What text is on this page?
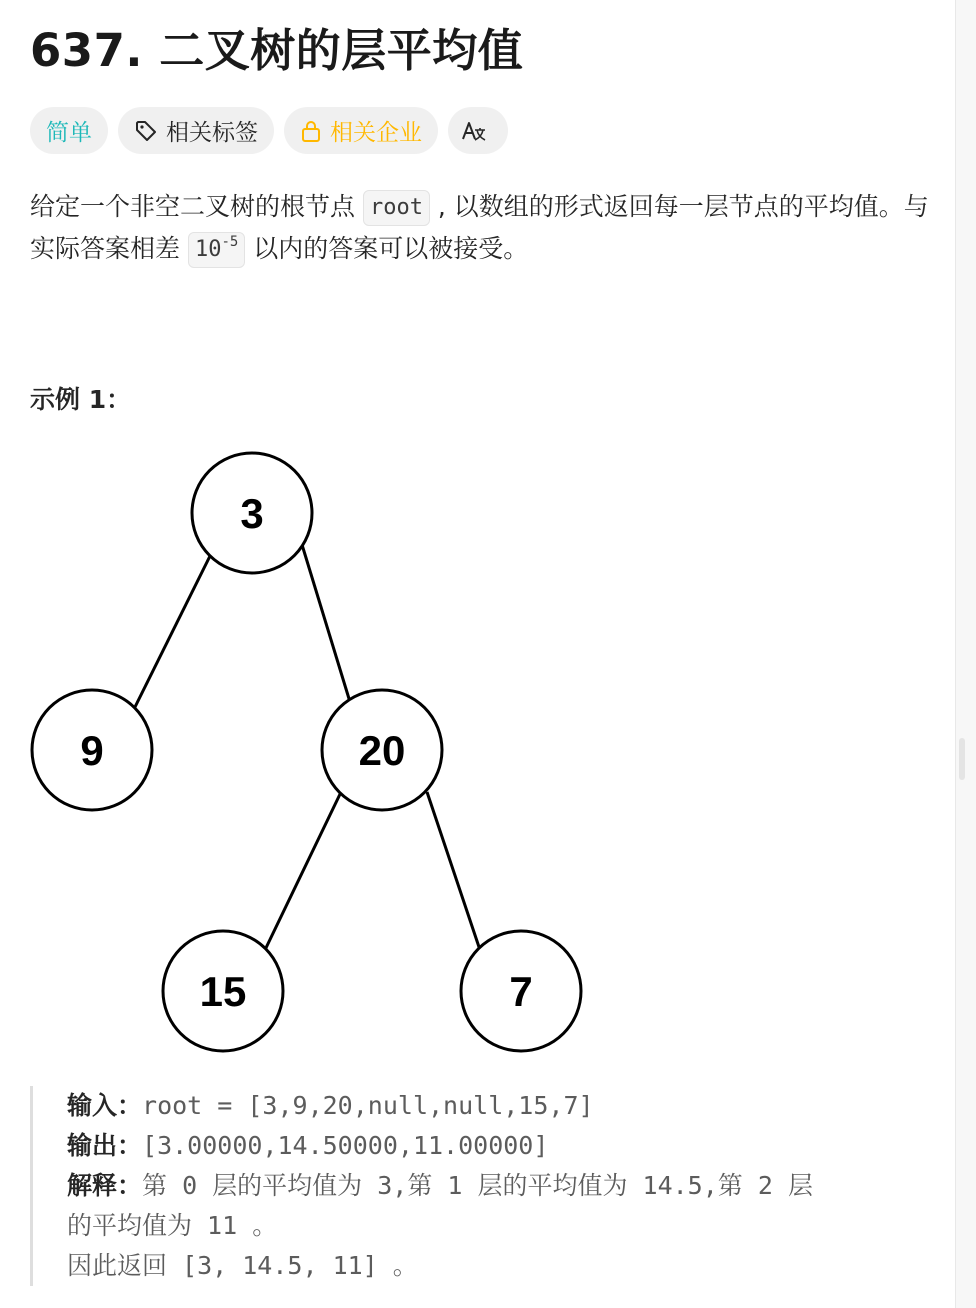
637. 二叉树的层平均值
简单	相关标签	相关企业
给定一个非空二叉树的根节点 root , 以数组的形式返回每一层节点的平均值。与实际答案相差 $10^{-5}$ 以内的答案可以被接受。
示例 1：
3
9	20
15	7
输入：root = [3,9,20,null,null,15,7]
输出：[3.00000,14.50000,11.00000]
解释：第 0 层的平均值为 3,第 1 层的平均值为 14.5,第 2 层
的平均值为 11 。
因此返回 [3, 14.5, 11] 。
